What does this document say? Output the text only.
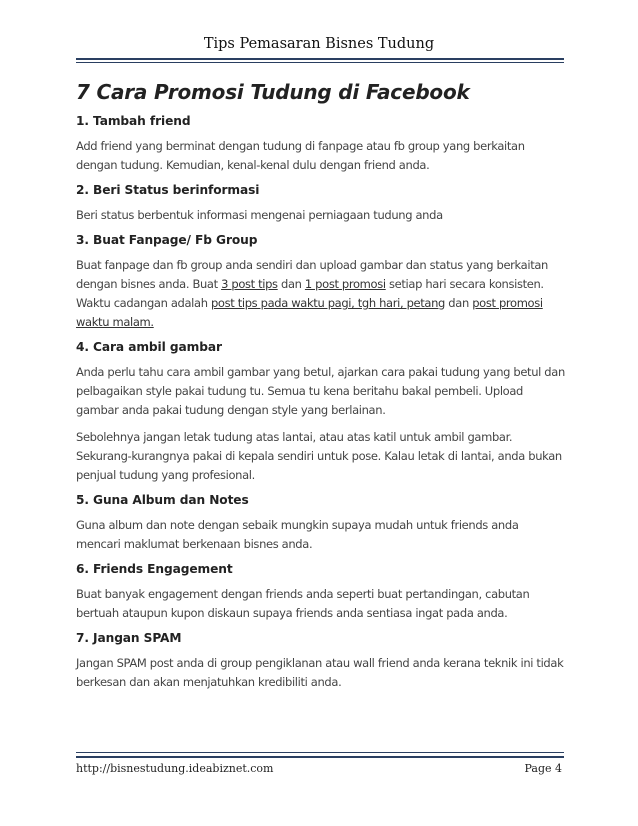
Tips Pemasaran Bisnes Tudung
7 Cara Promosi Tudung di Facebook
1. Tambah friend
Add friend yang berminat dengan tudung di fanpage atau fb group yang berkaitan dengan tudung. Kemudian, kenal-kenal dulu dengan friend anda.
2. Beri Status berinformasi
Beri status berbentuk informasi mengenai perniagaan tudung anda
3. Buat Fanpage/ Fb Group
Buat fanpage dan fb group anda sendiri dan upload gambar dan status yang berkaitan dengan bisnes anda. Buat 3 post tips dan 1 post promosi setiap hari secara konsisten. Waktu cadangan adalah post tips pada waktu pagi, tgh hari, petang dan post promosi waktu malam.
4. Cara ambil gambar
Anda perlu tahu cara ambil gambar yang betul, ajarkan cara pakai tudung yang betul dan pelbagaikan style pakai tudung tu. Semua tu kena beritahu bakal pembeli. Upload gambar anda pakai tudung dengan style yang berlainan.
Sebolehnya jangan letak tudung atas lantai, atau atas katil untuk ambil gambar. Sekurang-kurangnya pakai di kepala sendiri untuk pose. Kalau letak di lantai, anda bukan penjual tudung yang profesional.
5. Guna Album dan Notes
Guna album dan note dengan sebaik mungkin supaya mudah untuk friends anda mencari maklumat berkenaan bisnes anda.
6. Friends Engagement
Buat banyak engagement dengan friends anda seperti buat pertandingan, cabutan bertuah ataupun kupon diskaun supaya friends anda sentiasa ingat pada anda.
7. Jangan SPAM
Jangan SPAM post anda di group pengiklanan atau wall friend anda kerana teknik ini tidak berkesan dan akan menjatuhkan kredibiliti anda.
http://bisnestudung.ideabiznet.com	Page 4
